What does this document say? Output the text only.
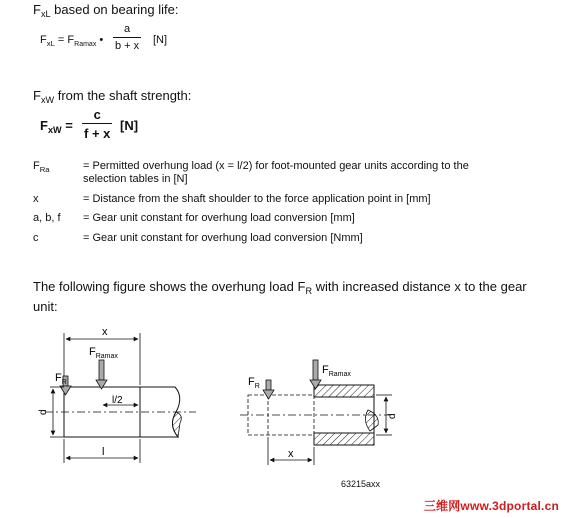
$F_{xL}$ based on bearing life:
$F_{xL} = F_{Ramax}$ •
a
b + x [N]
$F_{xW}$ from the shaft strength:
$F_{xW}$ =
c
f + x
[N]
$F_{Ra}$	= Permitted overhung load (x = l/2) for foot-mounted gear units according to the selection tables in [N]
x	= Distance from the shaft shoulder to the force application point in [mm]
a, b, f	= Gear unit constant for overhung load conversion [mm]
c	= Gear unit constant for overhung load conversion [Nmm]
The following figure shows the overhung load $F_R$ with increased distance x to the gear unit:
x
$F_{Ramax}$
$F_R$
l/2
d
l
$F_{Ramax}$
$F_R$
d
x
63215axx
三维网www.3dportal.cn
